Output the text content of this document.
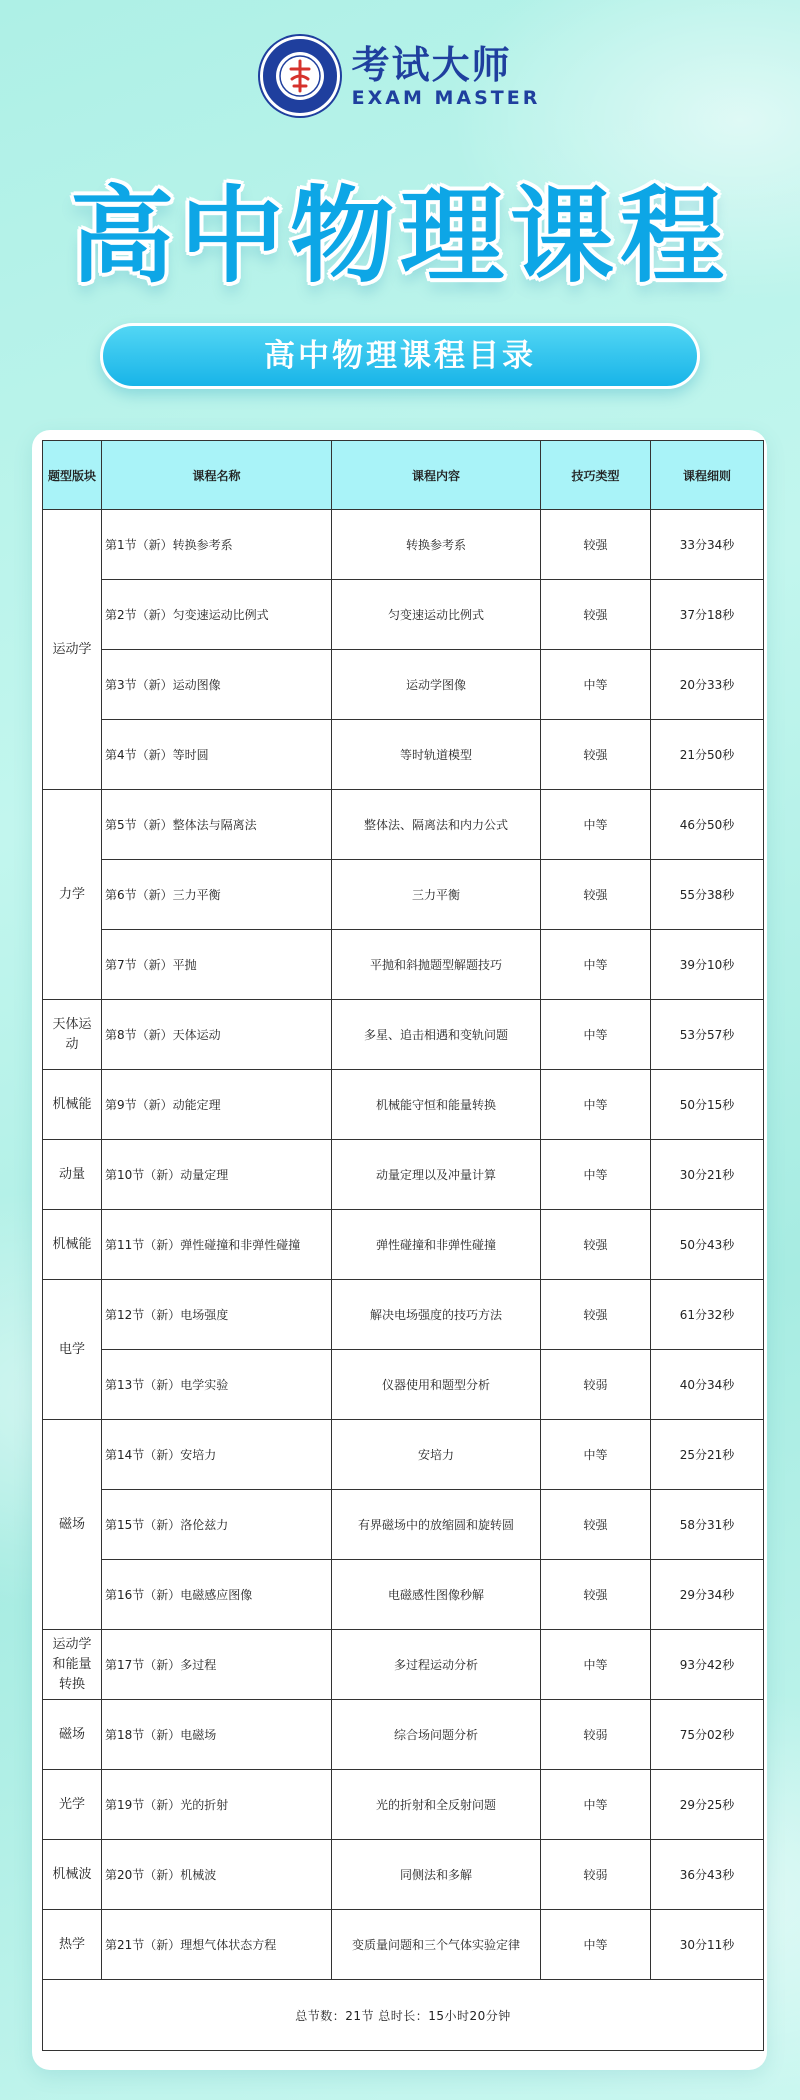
考试大师
EXAM MASTER
高中物理课程
高中物理课程目录
题型版块	课程名称	课程内容	技巧类型	课程细则
运动学	第1节（新）转换参考系	转换参考系	较强	33分34秒
	第2节（新）匀变速运动比例式	匀变速运动比例式	较强	37分18秒
	第3节（新）运动图像	运动学图像	中等	20分33秒
	第4节（新）等时圆	等时轨道模型	较强	21分50秒
力学	第5节（新）整体法与隔离法	整体法、隔离法和内力公式	中等	46分50秒
	第6节（新）三力平衡	三力平衡	较强	55分38秒
	第7节（新）平抛	平抛和斜抛题型解题技巧	中等	39分10秒
天体运动	第8节（新）天体运动	多星、追击相遇和变轨问题	中等	53分57秒
机械能	第9节（新）动能定理	机械能守恒和能量转换	中等	50分15秒
动量	第10节（新）动量定理	动量定理以及冲量计算	中等	30分21秒
机械能	第11节（新）弹性碰撞和非弹性碰撞	弹性碰撞和非弹性碰撞	较强	50分43秒
电学	第12节（新）电场强度	解决电场强度的技巧方法	较强	61分32秒
	第13节（新）电学实验	仪器使用和题型分析	较弱	40分34秒
磁场	第14节（新）安培力	安培力	中等	25分21秒
	第15节（新）洛伦兹力	有界磁场中的放缩圆和旋转圆	较强	58分31秒
	第16节（新）电磁感应图像	电磁感性图像秒解	较强	29分34秒
运动学和能量转换	第17节（新）多过程	多过程运动分析	中等	93分42秒
磁场	第18节（新）电磁场	综合场问题分析	较弱	75分02秒
光学	第19节（新）光的折射	光的折射和全反射问题	中等	29分25秒
机械波	第20节（新）机械波	同侧法和多解	较弱	36分43秒
热学	第21节（新）理想气体状态方程	变质量问题和三个气体实验定律	中等	30分11秒
总节数：21节 总时长：15小时20分钟				
